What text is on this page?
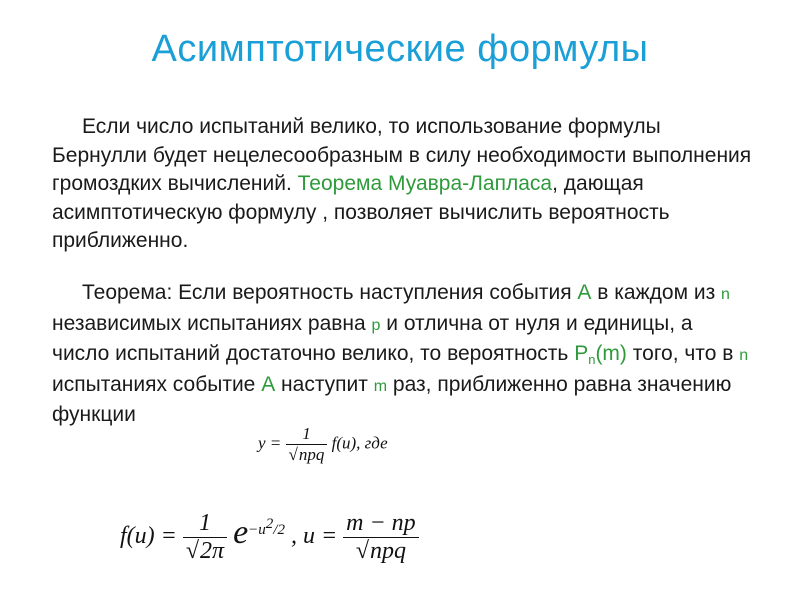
Асимптотические формулы
Если число испытаний велико, то использование формулы Бернулли будет нецелесообразным в силу необходимости выполнения громоздких вычислений. Теорема Муавра-Лапласа, дающая асимптотическую формулу , позволяет вычислить вероятность приближенно.
Теорема: Если вероятность наступления события А в каждом из n независимых испытаниях равна р и отлична от нуля и единицы, а число испытаний достаточно велико, то вероятность $P_n(m)$ того, что в n испытаниях событие А наступит m раз, приближенно равна значению функции
$y = \frac{1}{\text{√npq}} f(u)$, где
$f(u) = \frac{1}{√2\pi} e^{-u^2/2}$ , $u = \frac{m - np}{\text{√npq}}$
